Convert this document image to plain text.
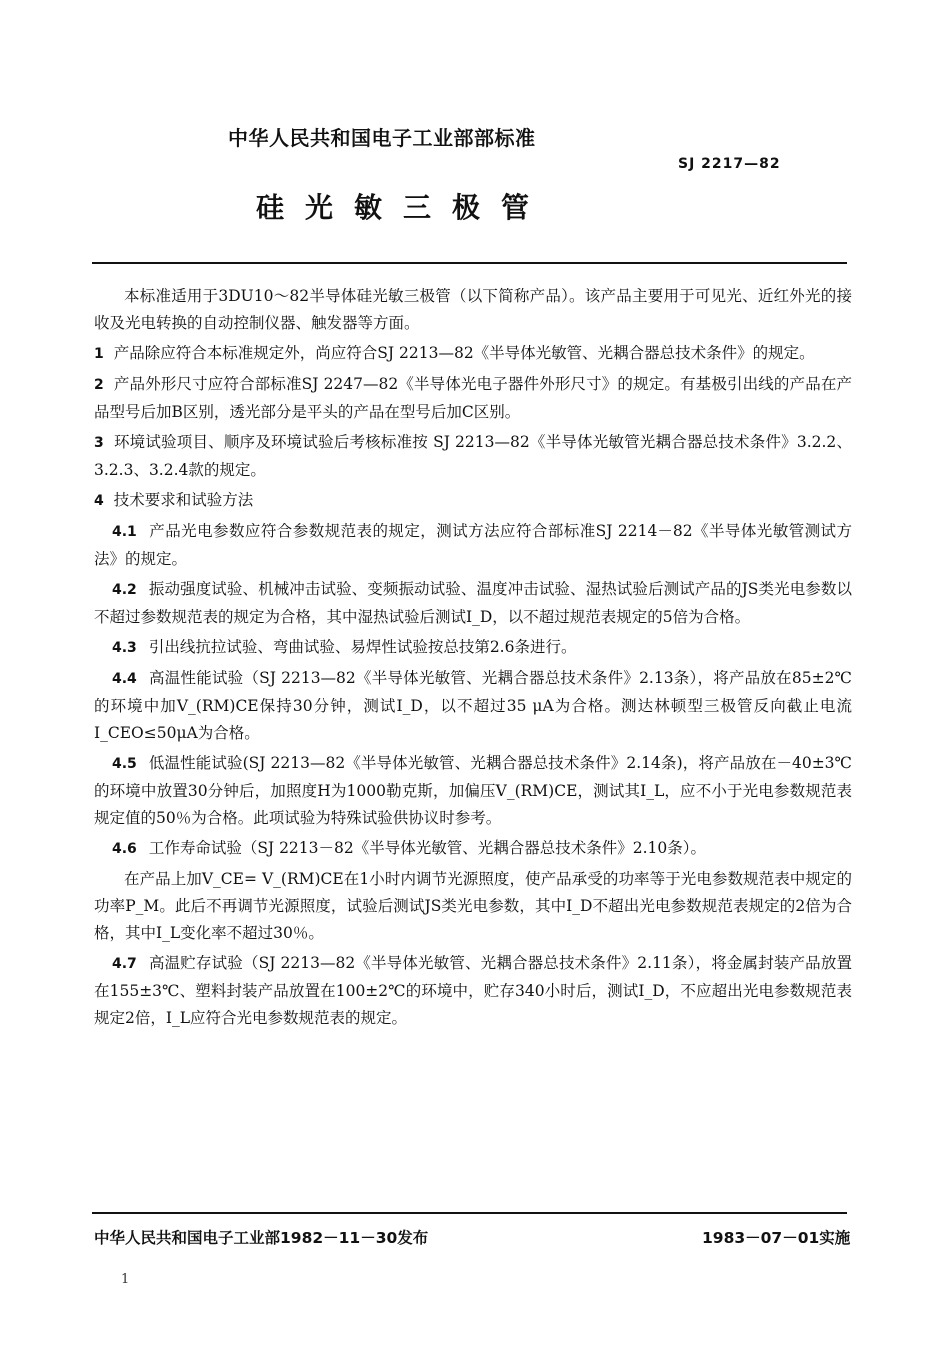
中华人民共和国电子工业部部标准
SJ 2217—82
硅光敏三极管

本标准适用于3DU10～82半导体硅光敏三极管（以下简称产品）。该产品主要用于可见光、近红外光的接收及光电转换的自动控制仪器、触发器等方面。

1 产品除应符合本标准规定外，尚应符合SJ 2213—82《半导体光敏管、光耦合器总技术条件》的规定。

2 产品外形尺寸应符合部标准SJ 2247—82《半导体光电子器件外形尺寸》的规定。有基极引出线的产品在产品型号后加B区别，透光部分是平头的产品在型号后加C区别。

3 环境试验项目、顺序及环境试验后考核标准按 SJ 2213—82《半导体光敏管光耦合器总技术条件》3.2.2、3.2.3、3.2.4款的规定。

4 技术要求和试验方法

4.1 产品光电参数应符合参数规范表的规定，测试方法应符合部标准SJ 2214－82《半导体光敏管测试方法》的规定。

4.2 振动强度试验、机械冲击试验、变频振动试验、温度冲击试验、湿热试验后测试产品的JS类光电参数以不超过参数规范表的规定为合格，其中湿热试验后测试I_D，以不超过规范表规定的5倍为合格。

4.3 引出线抗拉试验、弯曲试验、易焊性试验按总技第2.6条进行。

4.4 高温性能试验（SJ 2213—82《半导体光敏管、光耦合器总技术条件》2.13条），将产品放在85±2℃的环境中加V_(RM)CE保持30分钟，测试I_D，以不超过35 μA为合格。测达林顿型三极管反向截止电流I_CEO≤50μA为合格。

4.5 低温性能试验(SJ 2213—82《半导体光敏管、光耦合器总技术条件》2.14条)，将产品放在－40±3℃的环境中放置30分钟后，加照度H为1000勒克斯，加偏压V_(RM)CE，测试其I_L，应不小于光电参数规范表规定值的50％为合格。此项试验为特殊试验供协议时参考。

4.6 工作寿命试验（SJ 2213－82《半导体光敏管、光耦合器总技术条件》2.10条）。

在产品上加V_CE= V_(RM)CE在1小时内调节光源照度，使产品承受的功率等于光电参数规范表中规定的功率P_M。此后不再调节光源照度，试验后测试JS类光电参数，其中I_D不超出光电参数规范表规定的2倍为合格，其中I_L变化率不超过30％。

4.7 高温贮存试验（SJ 2213—82《半导体光敏管、光耦合器总技术条件》2.11条），将金属封装产品放置在155±3℃、塑料封装产品放置在100±2℃的环境中，贮存340小时后，测试I_D，不应超出光电参数规范表规定2倍，I_L应符合光电参数规范表的规定。

中华人民共和国电子工业部1982－11－30发布	1983－07－01实施
1
